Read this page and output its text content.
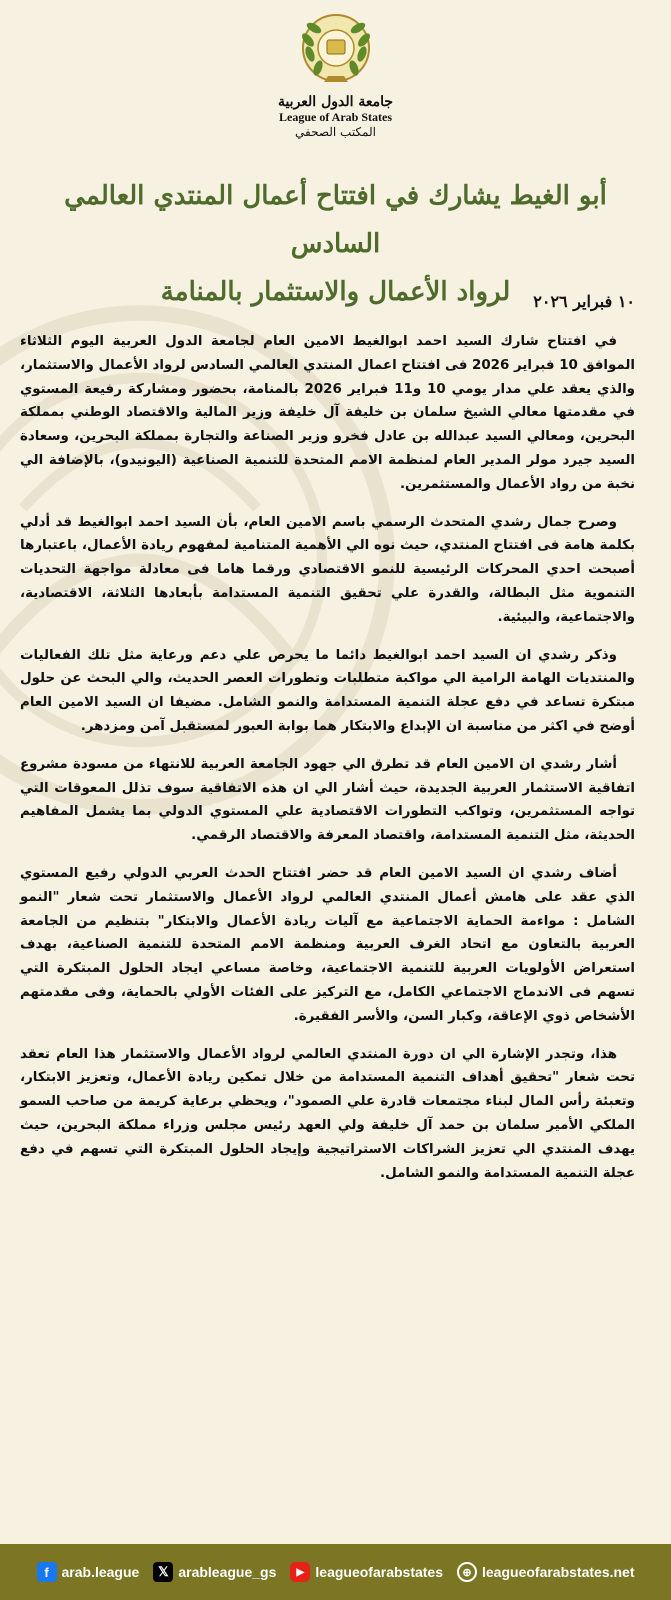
جامعة الدول العربية
League of Arab States
المكتب الصحفي
أبو الغيط يشارك في افتتاح أعمال المنتدي العالمي السادس
لرواد الأعمال والاستثمار بالمنامة	١٠ فبراير ٢٠٢٦

في افتتاح شارك السيد احمد ابوالغيط الامين العام لجامعة الدول العربية اليوم الثلاثاء الموافق 10 فبراير 2026 فى افتتاح اعمال المنتدي العالمي السادس لرواد الأعمال والاستثمار، والذي يعقد علي مدار يومي 10 و11 فبراير 2026 بالمنامة، بحضور ومشاركة رفيعة المستوي في مقدمتها معالي الشيخ سلمان بن خليفة آل خليفة وزير المالية والاقتصاد الوطني بمملكة البحرين، ومعالي السيد عبدالله بن عادل فخرو وزير الصناعة والتجارة بمملكة البحرين، وسعادة السيد جيرد مولر المدير العام لمنظمة الامم المتحدة للتنمية الصناعية (اليونيدو)، بالإضافة الي نخبة من رواد الأعمال والمستثمرين.

وصرح جمال رشدي المتحدث الرسمي باسم الامين العام، بأن السيد احمد ابوالغيط قد أدلي بكلمة هامة فى افتتاح المنتدي، حيث نوه الي الأهمية المتنامية لمفهوم ريادة الأعمال، باعتبارها أصبحت احدي المحركات الرئيسية للنمو الاقتصادي ورقما هاما فى معادلة مواجهة التحديات التنموية مثل البطالة، والقدرة علي تحقيق التنمية المستدامة بأبعادها الثلاثة، الاقتصادية، والاجتماعية، والبيئية.

وذكر رشدي ان السيد احمد ابوالغيط دائما ما يحرص علي دعم ورعاية مثل تلك الفعاليات والمنتديات الهامة الرامية الي مواكبة متطلبات وتطورات العصر الحديث، والي البحث عن حلول مبتكرة تساعد في دفع عجلة التنمية المستدامة والنمو الشامل. مضيفا ان السيد الامين العام أوضح في اكثر من مناسبة ان الإبداع والابتكار هما بوابة العبور لمستقبل آمن ومزدهر.

أشار رشدي ان الامين العام قد تطرق الي جهود الجامعة العربية للانتهاء من مسودة مشروع اتفاقية الاستثمار العربية الجديدة، حيث أشار الي ان هذه الاتفاقية سوف تذلل المعوقات التي تواجه المستثمرين، وتواكب التطورات الاقتصادية علي المستوي الدولي بما يشمل المفاهيم الحديثة، مثل التنمية المستدامة، واقتصاد المعرفة والاقتصاد الرقمي.

أضاف رشدي ان السيد الامين العام قد حضر افتتاح الحدث العربي الدولي رفيع المستوي الذي عقد على هامش أعمال المنتدي العالمي لرواد الأعمال والاستثمار تحت شعار "النمو الشامل : مواءمة الحماية الاجتماعية مع آليات ريادة الأعمال والابتكار" بتنظيم من الجامعة العربية بالتعاون مع اتحاد الغرف العربية ومنظمة الامم المتحدة للتنمية الصناعية، بهدف استعراض الأولويات العربية للتنمية الاجتماعية، وخاصة مساعي ايجاد الحلول المبتكرة التي تسهم فى الاندماج الاجتماعي الكامل، مع التركيز على الفئات الأولي بالحماية، وفى مقدمتهم الأشخاص ذوي الإعاقة، وكبار السن، والأسر الفقيرة.

هذا، وتجدر الإشارة الي ان دورة المنتدي العالمي لرواد الأعمال والاستثمار هذا العام تعقد تحت شعار "تحقيق أهداف التنمية المستدامة من خلال تمكين ريادة الأعمال، وتعزيز الابتكار، وتعبئة رأس المال لبناء مجتمعات قادرة علي الصمود"، ويحظي برعاية كريمة من صاحب السمو الملكي الأمير سلمان بن حمد آل خليفة ولي العهد رئيس مجلس وزراء مملكة البحرين، حيث يهدف المنتدي الي تعزيز الشراكات الاستراتيجية وإيجاد الحلول المبتكرة التي تسهم في دفع عجلة التنمية المستدامة والنمو الشامل.

f arab.league	𝕏 arableague_gs	▶ leagueofarabstates	⊕ leagueofarabstates.net
